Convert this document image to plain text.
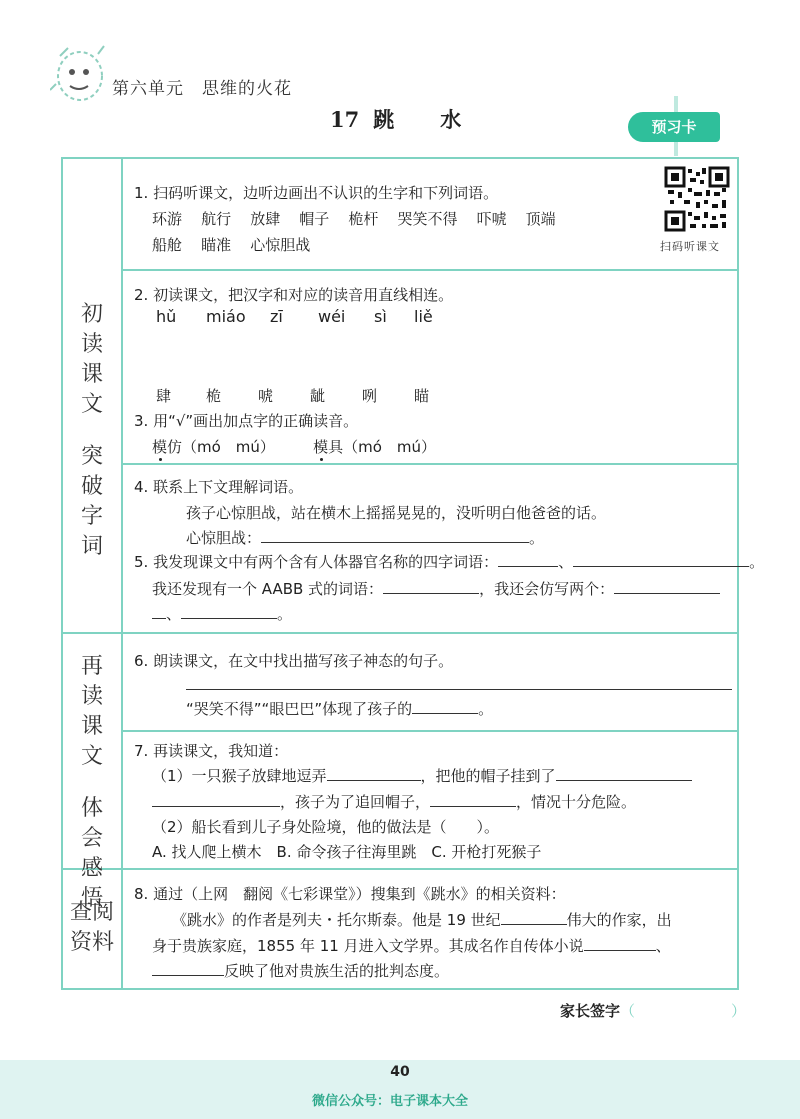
第六单元　思维的火花
17 跳 水	预习卡
初
读
课
文
突
破
字
词
再
读
课
文
体
会
感
悟
查阅
资料
扫码听课文
1. 扫码听课文，边听边画出不认识的生字和下列词语。
环游 航行 放肆 帽子 桅杆 哭笑不得 吓唬 顶端
船舱 瞄准 心惊胆战
2. 初读课文，把汉字和对应的读音用直线相连。
hǔ miáo zī wéi sì liě
肆 桅 唬 龇 咧 瞄
3. 用“√”画出加点字的正确读音。
模仿（mó　mú）	模具（mó　mú）
4. 联系上下文理解词语。
孩子心惊胆战，站在横木上摇摇晃晃的，没听明白他爸爸的话。
心惊胆战：	。
5. 我发现课文中有两个含有人体器官名称的四字词语：	、	。
我还发现有一个 AABB 式的词语：	，我还会仿写两个：
、	。
6. 朗读课文，在文中找出描写孩子神态的句子。
“哭笑不得”“眼巴巴”体现了孩子的	。
7. 再读课文，我知道：
（1）一只猴子放肆地逗弄	，把他的帽子挂到了
，孩子为了追回帽子，	，情况十分危险。
（2）船长看到儿子身处险境，他的做法是（　　）。
A. 找人爬上横木　B. 命令孩子往海里跳　C. 开枪打死猴子
8. 通过（上网　翻阅《七彩课堂》）搜集到《跳水》的相关资料：
《跳水》的作者是列夫・托尔斯泰。他是 19 世纪	伟大的作家，出
身于贵族家庭，1855 年 11 月进入文学界。其成名作自传体小说	、
反映了他对贵族生活的批判态度。
家长签字（	）
40
微信公众号：电子课本大全
